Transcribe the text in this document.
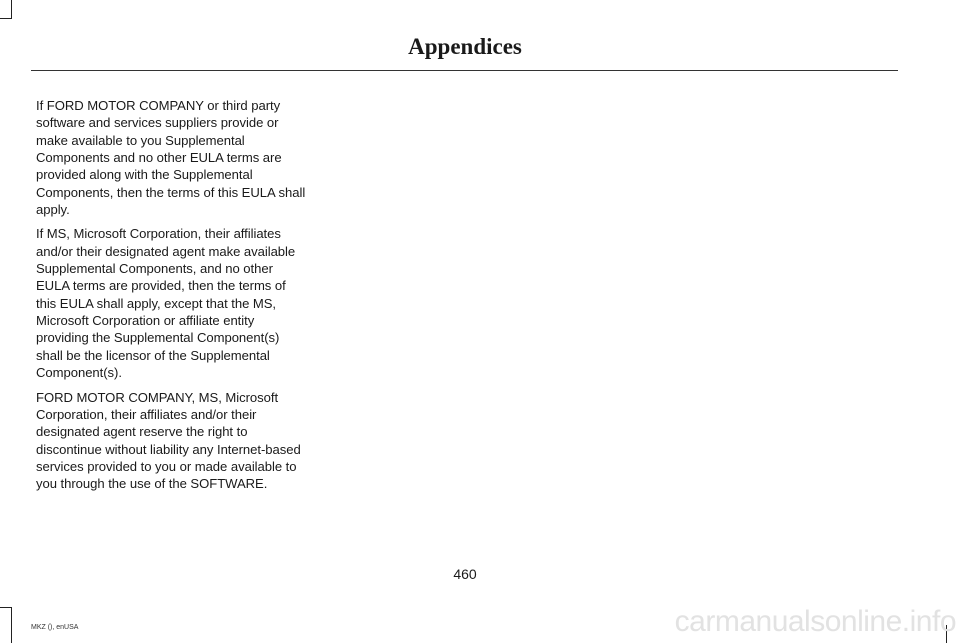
Appendices

If FORD MOTOR COMPANY or third party software and services suppliers provide or make available to you Supplemental Components and no other EULA terms are provided along with the Supplemental Components, then the terms of this EULA shall apply.

If MS, Microsoft Corporation, their affiliates and/or their designated agent make available Supplemental Components, and no other EULA terms are provided, then the terms of this EULA shall apply, except that the MS, Microsoft Corporation or affiliate entity providing the Supplemental Component(s) shall be the licensor of the Supplemental Component(s).

FORD MOTOR COMPANY, MS, Microsoft Corporation, their affiliates and/or their designated agent reserve the right to discontinue without liability any Internet-based services provided to you or made available to you through the use of the SOFTWARE.

460
MKZ (), enUSA	carmanualsonline.info
